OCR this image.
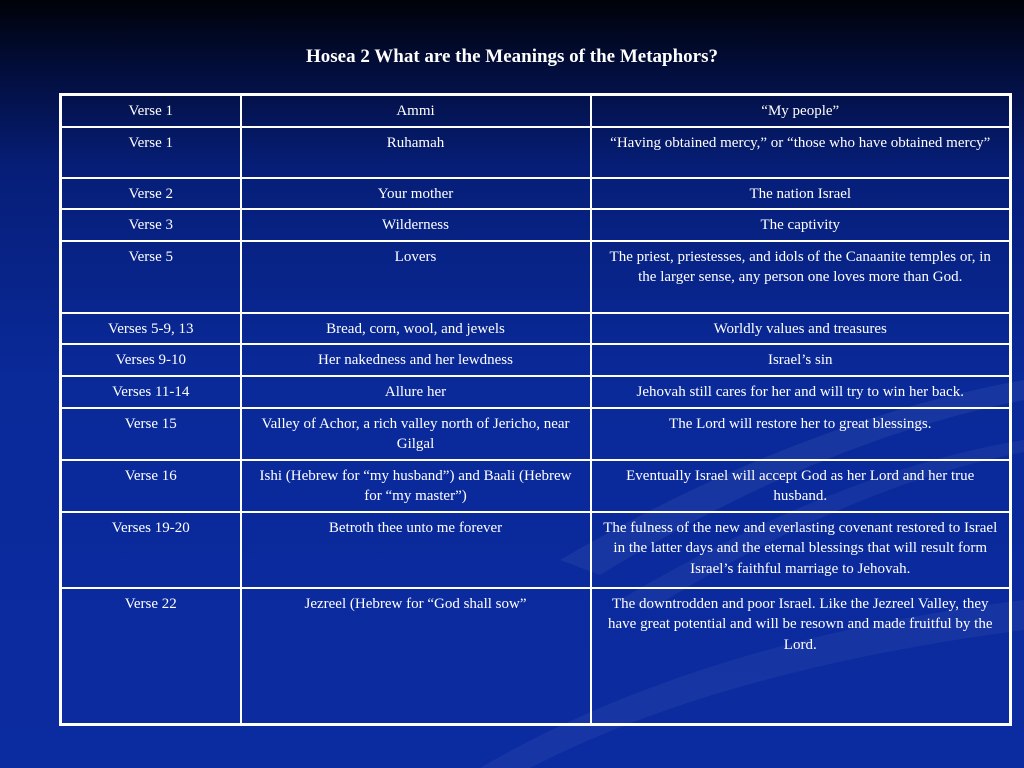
Hosea 2 What are the Meanings of the Metaphors?
Verse 1	Ammi	“My people”
Verse 1	Ruhamah	“Having obtained mercy,” or “those who have obtained mercy”
Verse 2	Your mother	The nation Israel
Verse 3	Wilderness	The captivity
Verse 5	Lovers	The priest, priestesses, and idols of the Canaanite temples or, in the larger sense, any person one loves more than God.
Verses 5-9, 13	Bread, corn, wool, and jewels	Worldly values and treasures
Verses 9-10	Her nakedness and her lewdness	Israel’s sin
Verses 11-14	Allure her	Jehovah still cares for her and will try to win her back.
Verse 15	Valley of Achor, a rich valley north of Jericho, near Gilgal	The Lord will restore her to great blessings.
Verse 16	Ishi (Hebrew for “my husband”) and Baali (Hebrew for “my master”)	Eventually Israel will accept God as her Lord and her true husband.
Verses 19-20	Betroth thee unto me forever	The fulness of the new and everlasting covenant restored to Israel in the latter days and the eternal blessings that will result form Israel’s faithful marriage to Jehovah.
Verse 22	Jezreel (Hebrew for “God shall sow”	The downtrodden and poor Israel. Like the Jezreel Valley, they have great potential and will be resown and made fruitful by the Lord.
